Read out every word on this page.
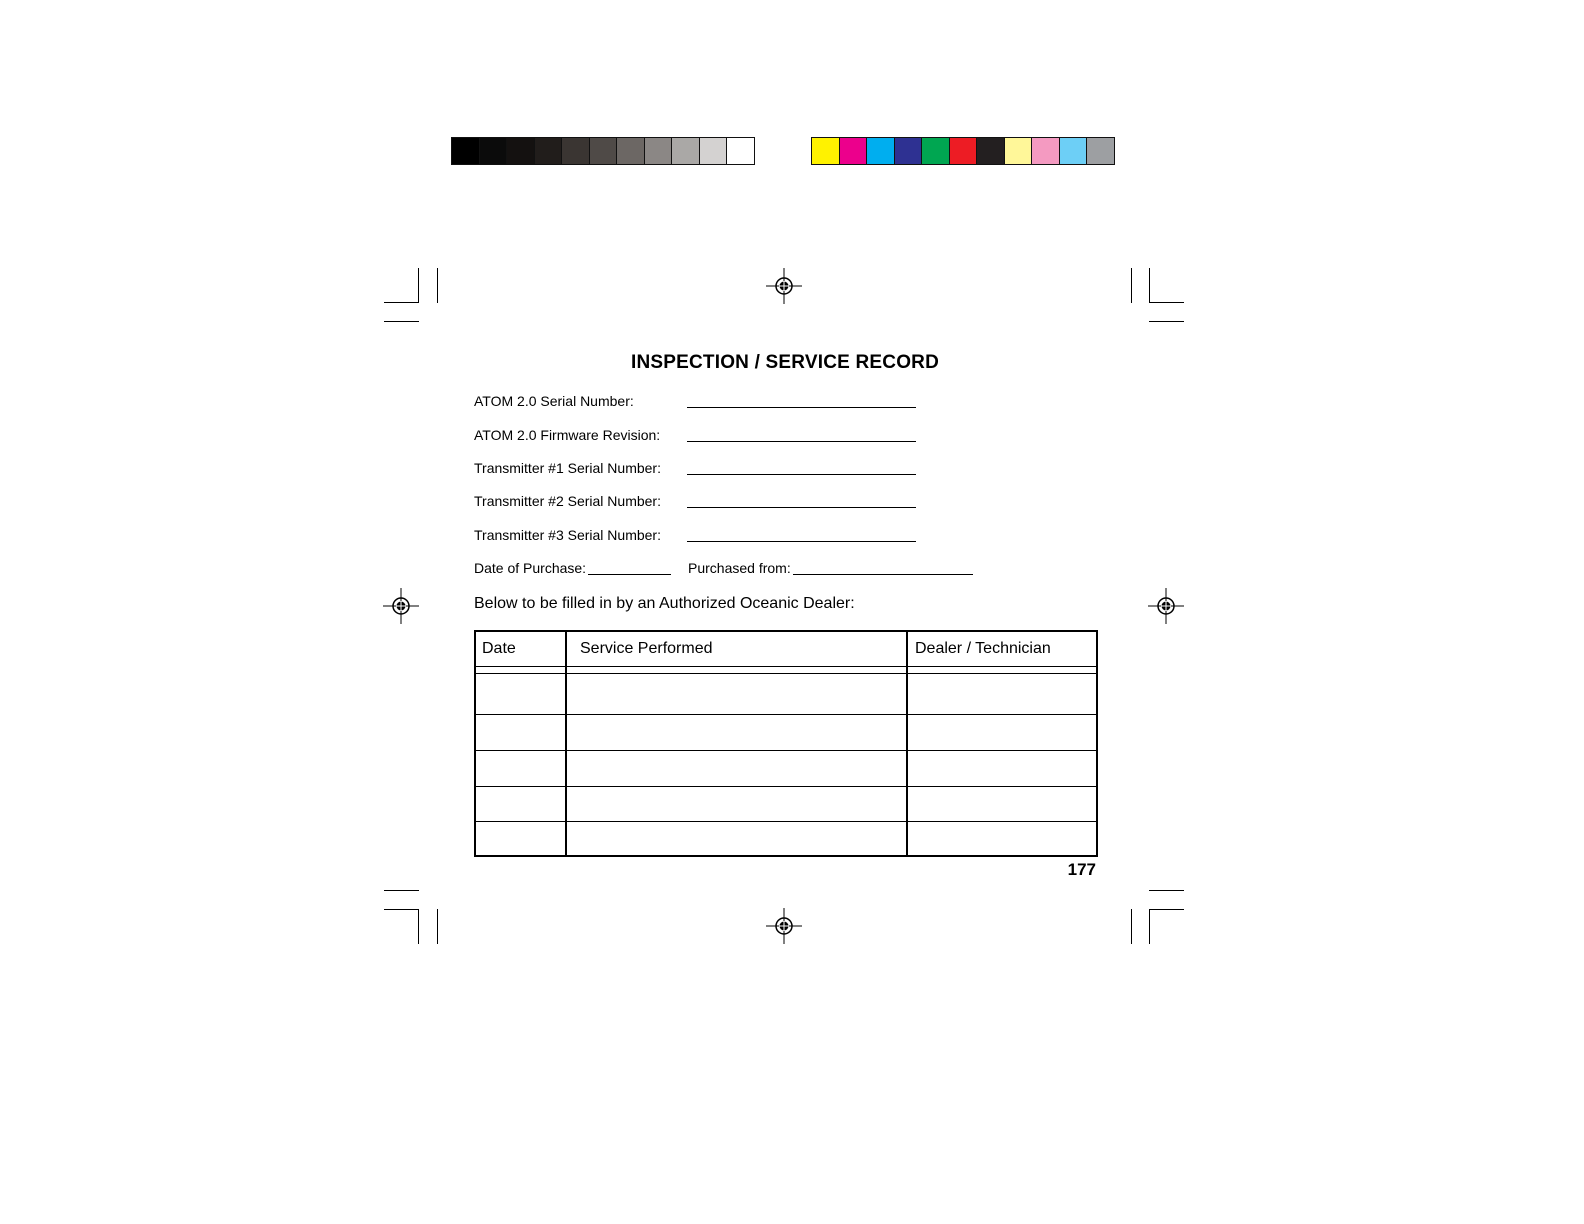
INSPECTION / SERVICE RECORD
ATOM 2.0 Serial Number:
ATOM 2.0 Firmware Revision:
Transmitter #1 Serial Number:
Transmitter #2 Serial Number:
Transmitter #3 Serial Number:
Date of Purchase:	Purchased from:
Below to be filled in by an Authorized Oceanic Dealer:
Date	Service Performed	Dealer / Technician
177
